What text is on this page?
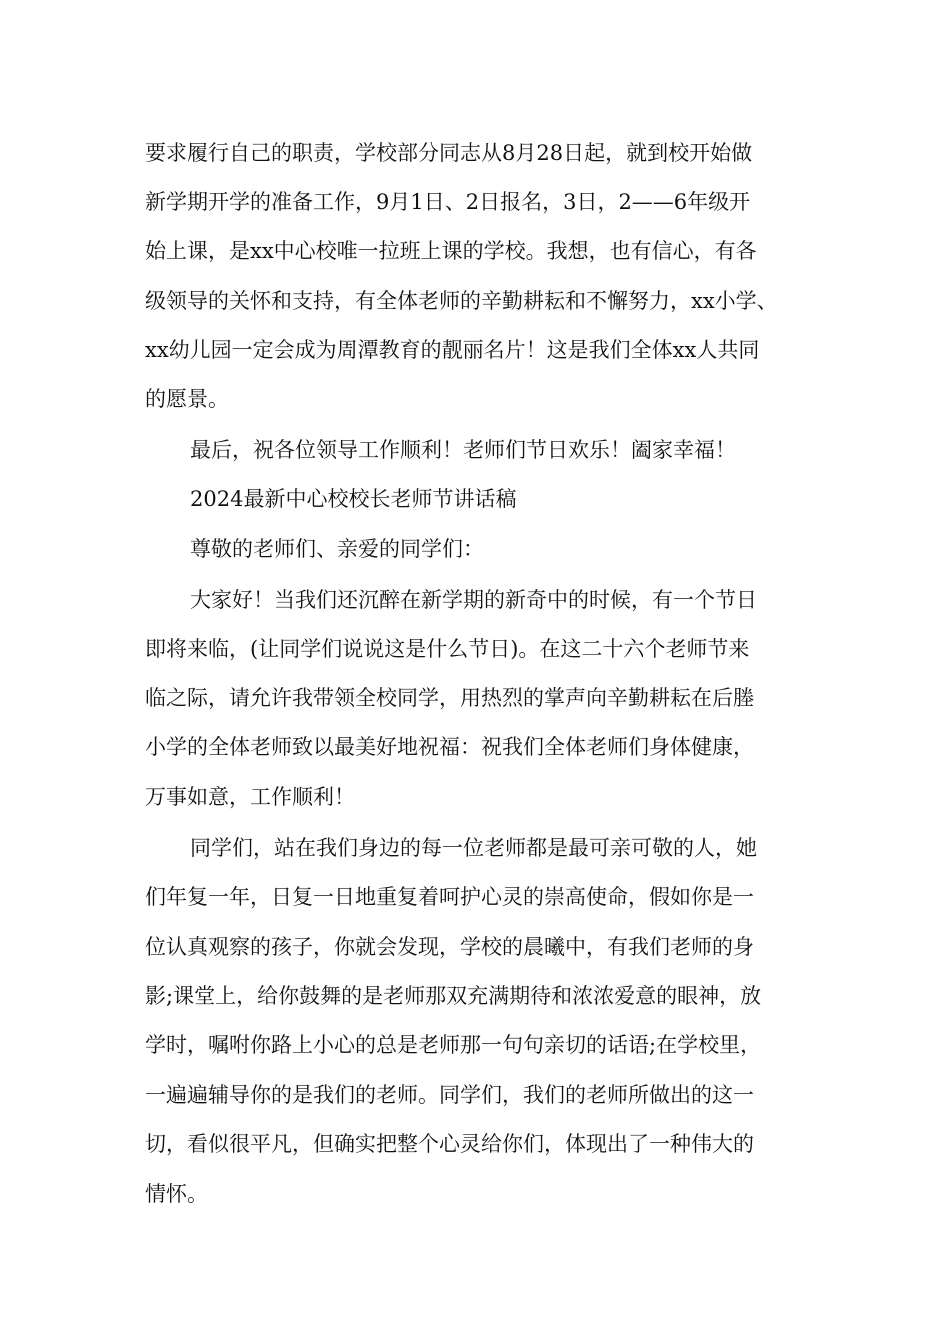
要求履行自己的职责，学校部分同志从8月28日起，就到校开始做
新学期开学的准备工作，9月1日、2日报名，3日，2——6年级开
始上课，是xx中心校唯一拉班上课的学校。我想，也有信心，有各
级领导的关怀和支持，有全体老师的辛勤耕耘和不懈努力，xx小学、
xx幼儿园一定会成为周潭教育的靓丽名片！这是我们全体xx人共同
的愿景。
最后，祝各位领导工作顺利！老师们节日欢乐！阖家幸福！
2024最新中心校校长老师节讲话稿
尊敬的老师们、亲爱的同学们：
大家好！当我们还沉醉在新学期的新奇中的时候，有一个节日
即将来临，(让同学们说说这是什么节日)。在这二十六个老师节来
临之际，请允许我带领全校同学，用热烈的掌声向辛勤耕耘在后塍
小学的全体老师致以最美好地祝福：祝我们全体老师们身体健康，
万事如意，工作顺利！
同学们，站在我们身边的每一位老师都是最可亲可敬的人，她
们年复一年，日复一日地重复着呵护心灵的崇高使命，假如你是一
位认真观察的孩子，你就会发现，学校的晨曦中，有我们老师的身
影;课堂上，给你鼓舞的是老师那双充满期待和浓浓爱意的眼神，放
学时，嘱咐你路上小心的总是老师那一句句亲切的话语;在学校里，
一遍遍辅导你的是我们的老师。同学们，我们的老师所做出的这一
切，看似很平凡，但确实把整个心灵给你们，体现出了一种伟大的
情怀。
